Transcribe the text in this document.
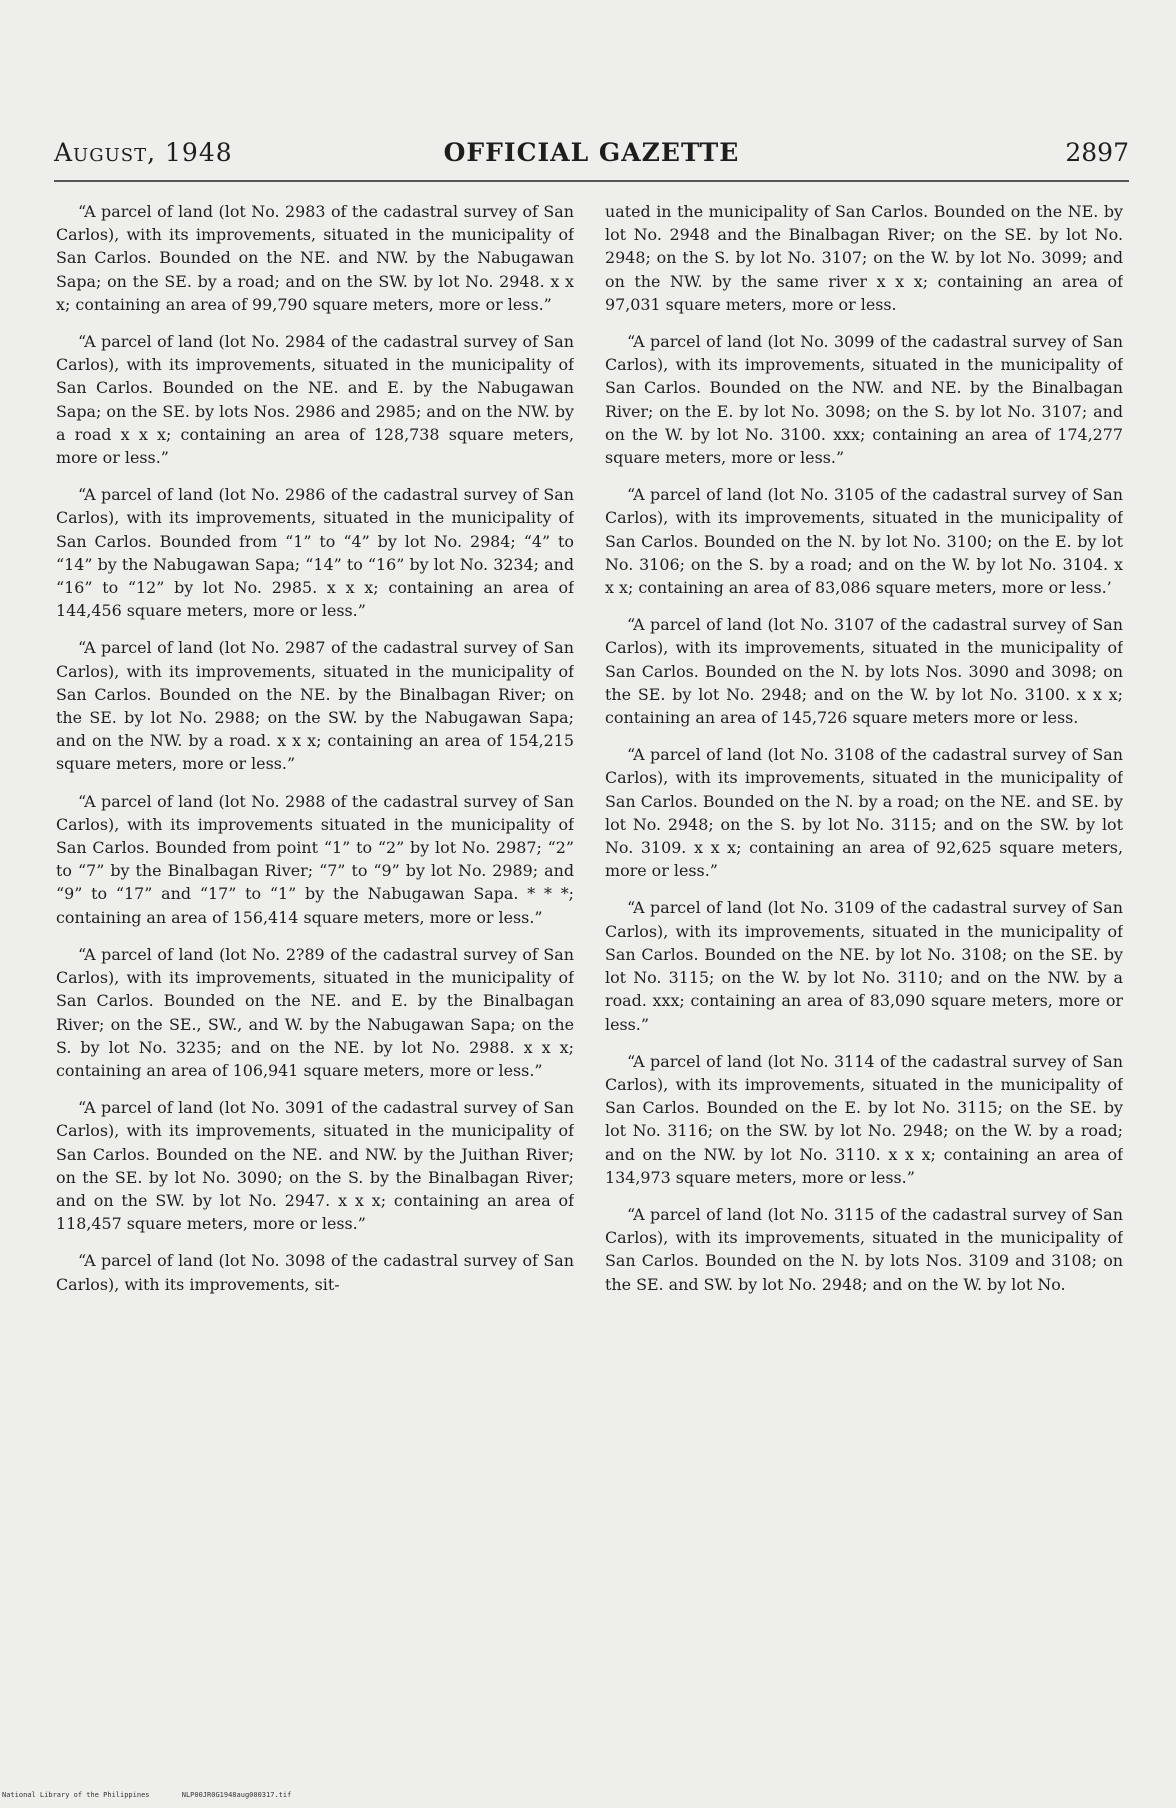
August, 1948	OFFICIAL GAZETTE	2897

“A parcel of land (lot No. 2983 of the cadastral survey of San Carlos), with its improvements, situated in the municipality of San Carlos. Bounded on the NE. and NW. by the Nabugawan Sapa; on the SE. by a road; and on the SW. by lot No. 2948. x x x; containing an area of 99,790 square meters, more or less.”

“A parcel of land (lot No. 2984 of the cadastral survey of San Carlos), with its improvements, situated in the municipality of San Carlos. Bounded on the NE. and E. by the Nabugawan Sapa; on the SE. by lots Nos. 2986 and 2985; and on the NW. by a road x x x; containing an area of 128,738 square meters, more or less.”

“A parcel of land (lot No. 2986 of the cadastral survey of San Carlos), with its improvements, situated in the municipality of San Carlos. Bounded from “1” to “4” by lot No. 2984; “4” to “14” by the Nabugawan Sapa; “14” to “16” by lot No. 3234; and “16” to “12” by lot No. 2985. x x x; containing an area of 144,456 square meters, more or less.”

“A parcel of land (lot No. 2987 of the cadastral survey of San Carlos), with its improvements, situated in the municipality of San Carlos. Bounded on the NE. by the Binalbagan River; on the SE. by lot No. 2988; on the SW. by the Nabugawan Sapa; and on the NW. by a road. x x x; containing an area of 154,215 square meters, more or less.”

“A parcel of land (lot No. 2988 of the cadastral survey of San Carlos), with its improvements situated in the municipality of San Carlos. Bounded from point “1” to “2” by lot No. 2987; “2” to “7” by the Binalbagan River; “7” to “9” by lot No. 2989; and “9” to “17” and “17” to “1” by the Nabugawan Sapa. * * *; containing an area of 156,414 square meters, more or less.”

“A parcel of land (lot No. 2?89 of the cadastral survey of San Carlos), with its improvements, situated in the municipality of San Carlos. Bounded on the NE. and E. by the Binalbagan River; on the SE., SW., and W. by the Nabugawan Sapa; on the S. by lot No. 3235; and on the NE. by lot No. 2988. x x x; containing an area of 106,941 square meters, more or less.”

“A parcel of land (lot No. 3091 of the cadastral survey of San Carlos), with its improvements, situated in the municipality of San Carlos. Bounded on the NE. and NW. by the Juithan River; on the SE. by lot No. 3090; on the S. by the Binalbagan River; and on the SW. by lot No. 2947. x x x; containing an area of 118,457 square meters, more or less.”

“A parcel of land (lot No. 3098 of the cadastral survey of San Carlos), with its improvements, sit-

uated in the municipality of San Carlos. Bounded on the NE. by lot No. 2948 and the Binalbagan River; on the SE. by lot No. 2948; on the S. by lot No. 3107; on the W. by lot No. 3099; and on the NW. by the same river x x x; containing an area of 97,031 square meters, more or less.

“A parcel of land (lot No. 3099 of the cadastral survey of San Carlos), with its improvements, situated in the municipality of San Carlos. Bounded on the NW. and NE. by the Binalbagan River; on the E. by lot No. 3098; on the S. by lot No. 3107; and on the W. by lot No. 3100. xxx; containing an area of 174,277 square meters, more or less.”

“A parcel of land (lot No. 3105 of the cadastral survey of San Carlos), with its improvements, situated in the municipality of San Carlos. Bounded on the N. by lot No. 3100; on the E. by lot No. 3106; on the S. by a road; and on the W. by lot No. 3104. x x x; containing an area of 83,086 square meters, more or less.’

“A parcel of land (lot No. 3107 of the cadastral survey of San Carlos), with its improvements, situated in the municipality of San Carlos. Bounded on the N. by lots Nos. 3090 and 3098; on the SE. by lot No. 2948; and on the W. by lot No. 3100. x x x; containing an area of 145,726 square meters more or less.

“A parcel of land (lot No. 3108 of the cadastral survey of San Carlos), with its improvements, situated in the municipality of San Carlos. Bounded on the N. by a road; on the NE. and SE. by lot No. 2948; on the S. by lot No. 3115; and on the SW. by lot No. 3109. x x x; containing an area of 92,625 square meters, more or less.”

“A parcel of land (lot No. 3109 of the cadastral survey of San Carlos), with its improvements, situated in the municipality of San Carlos. Bounded on the NE. by lot No. 3108; on the SE. by lot No. 3115; on the W. by lot No. 3110; and on the NW. by a road. xxx; containing an area of 83,090 square meters, more or less.”

“A parcel of land (lot No. 3114 of the cadastral survey of San Carlos), with its improvements, situated in the municipality of San Carlos. Bounded on the E. by lot No. 3115; on the SE. by lot No. 3116; on the SW. by lot No. 2948; on the W. by a road; and on the NW. by lot No. 3110. x x x; containing an area of 134,973 square meters, more or less.”

“A parcel of land (lot No. 3115 of the cadastral survey of San Carlos), with its improvements, situated in the municipality of San Carlos. Bounded on the N. by lots Nos. 3109 and 3108; on the SE. and SW. by lot No. 2948; and on the W. by lot No.

National Library of the Philippines	NLP00JR0G1948aug000317.tif
